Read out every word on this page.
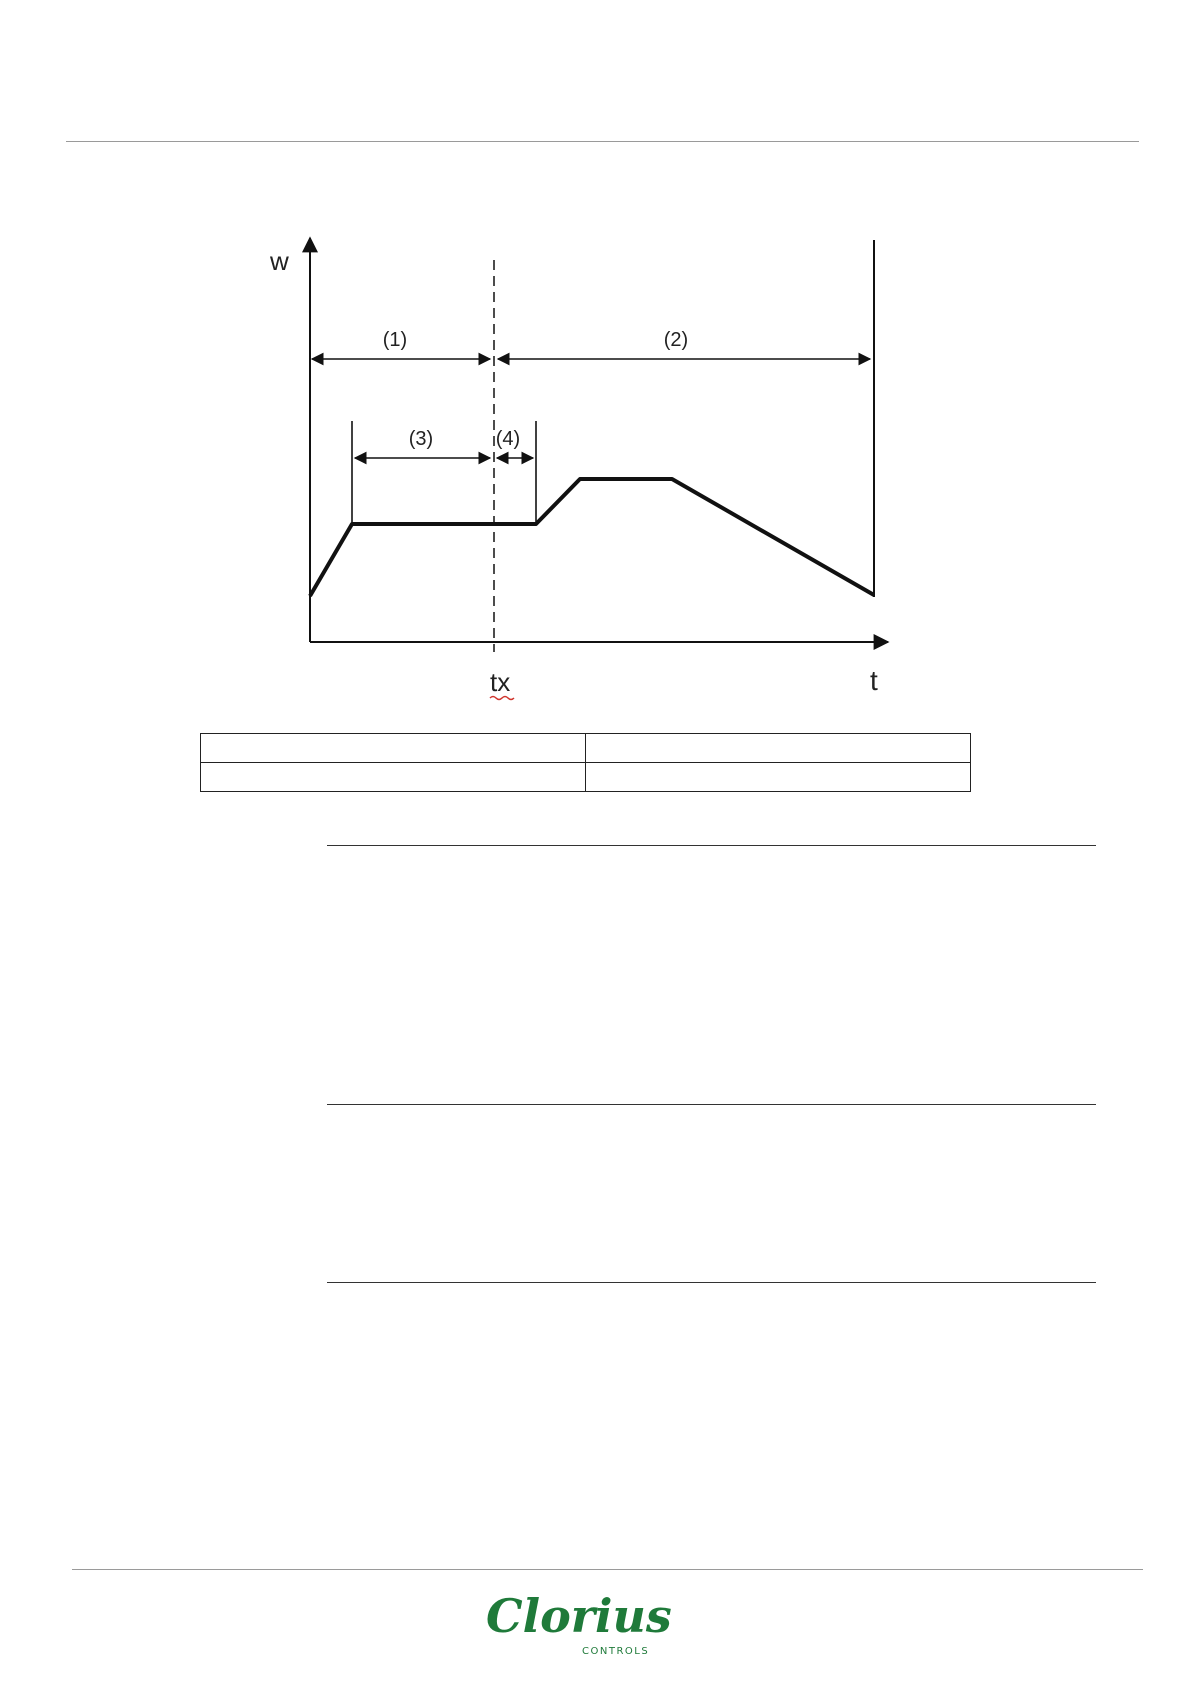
(1)	(2)
(3)	(4)
w
t
tx

Clorius
CONTROLS
